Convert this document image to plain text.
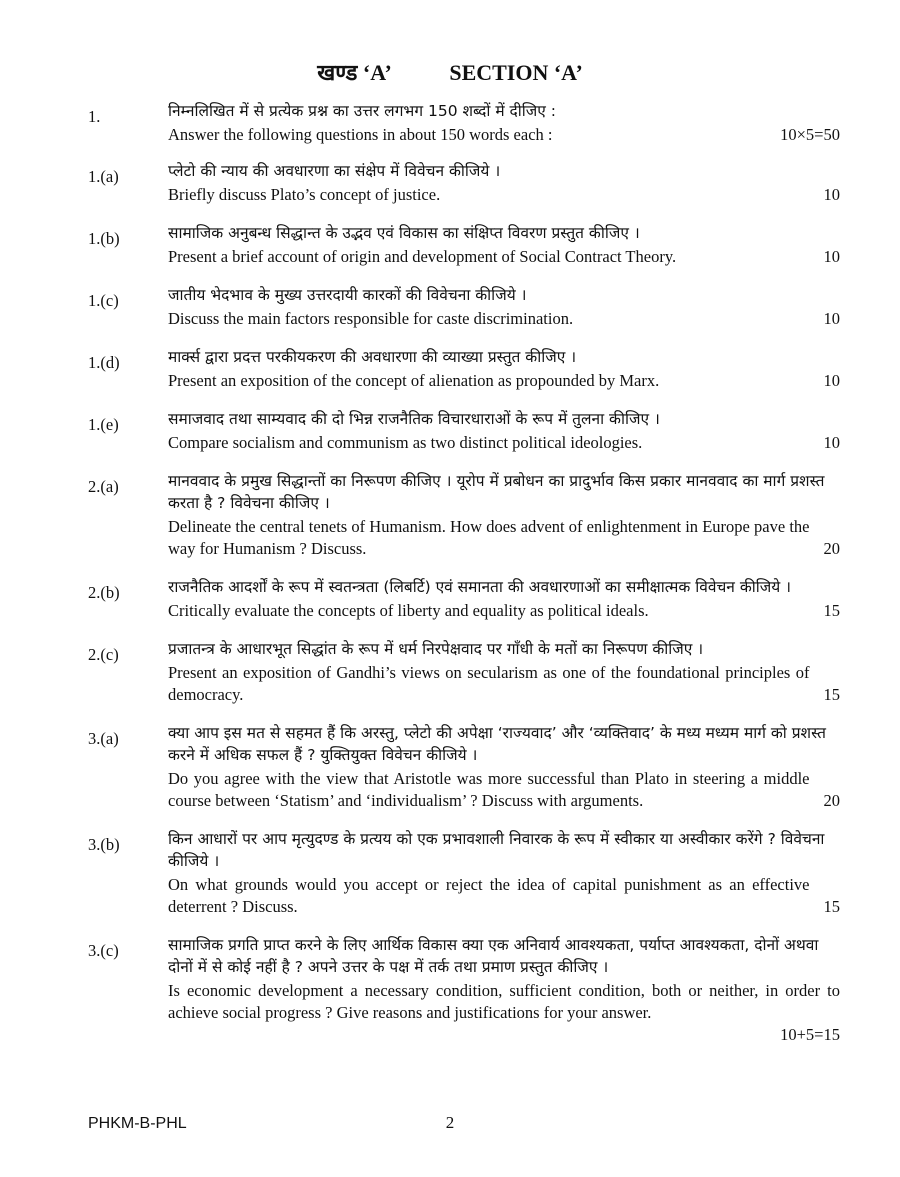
खण्ड ‘A’	SECTION ‘A’
1.	निम्नलिखित में से प्रत्येक प्रश्न का उत्तर लगभग 150 शब्दों में दीजिए :
Answer the following questions in about 150 words each :	10×5=50
1.(a)	प्लेटो की न्याय की अवधारणा का संक्षेप में विवेचन कीजिये ।
Briefly discuss Plato’s concept of justice.	10
1.(b)	सामाजिक अनुबन्ध सिद्धान्त के उद्भव एवं विकास का संक्षिप्त विवरण प्रस्तुत कीजिए ।
Present a brief account of origin and development of Social Contract Theory.	10
1.(c)	जातीय भेदभाव के मुख्य उत्तरदायी कारकों की विवेचना कीजिये ।
Discuss the main factors responsible for caste discrimination.	10
1.(d)	मार्क्स द्वारा प्रदत्त परकीयकरण की अवधारणा की व्याख्या प्रस्तुत कीजिए ।
Present an exposition of the concept of alienation as propounded by Marx.	10
1.(e)	समाजवाद तथा साम्यवाद की दो भिन्न राजनैतिक विचारधाराओं के रूप में तुलना कीजिए ।
Compare socialism and communism as two distinct political ideologies.	10
2.(a)	मानववाद के प्रमुख सिद्धान्तों का निरूपण कीजिए । यूरोप में प्रबोधन का प्रादुर्भाव किस प्रकार मानववाद का मार्ग प्रशस्त करता है ? विवेचना कीजिए ।
Delineate the central tenets of Humanism. How does advent of enlightenment in Europe pave the way for Humanism ? Discuss.	20
2.(b)	राजनैतिक आदर्शों के रूप में स्वतन्त्रता (लिबर्टि) एवं समानता की अवधारणाओं का समीक्षात्मक विवेचन कीजिये ।
Critically evaluate the concepts of liberty and equality as political ideals.	15
2.(c)	प्रजातन्त्र के आधारभूत सिद्धांत के रूप में धर्म निरपेक्षवाद पर गाँधी के मतों का निरूपण कीजिए ।
Present an exposition of Gandhi’s views on secularism as one of the foundational principles of democracy.	15
3.(a)	क्या आप इस मत से सहमत हैं कि अरस्तु, प्लेटो की अपेक्षा ‘राज्यवाद’ और ‘व्यक्तिवाद’ के मध्य मध्यम मार्ग को प्रशस्त करने में अधिक सफल हैं ? युक्तियुक्त विवेचन कीजिये ।
Do you agree with the view that Aristotle was more successful than Plato in steering a middle course between ‘Statism’ and ‘individualism’ ? Discuss with arguments.	20
3.(b)	किन आधारों पर आप मृत्युदण्ड के प्रत्यय को एक प्रभावशाली निवारक के रूप में स्वीकार या अस्वीकार करेंगे ? विवेचना कीजिये ।
On what grounds would you accept or reject the idea of capital punishment as an effective deterrent ? Discuss.	15
3.(c)	सामाजिक प्रगति प्राप्त करने के लिए आर्थिक विकास क्या एक अनिवार्य आवश्यकता, पर्याप्त आवश्यकता, दोनों अथवा दोनों में से कोई नहीं है ? अपने उत्तर के पक्ष में तर्क तथा प्रमाण प्रस्तुत कीजिए ।
Is economic development a necessary condition, sufficient condition, both or neither, in order to achieve social progress ? Give reasons and justifications for your answer.
10+5=15
PHKM-B-PHL	2
